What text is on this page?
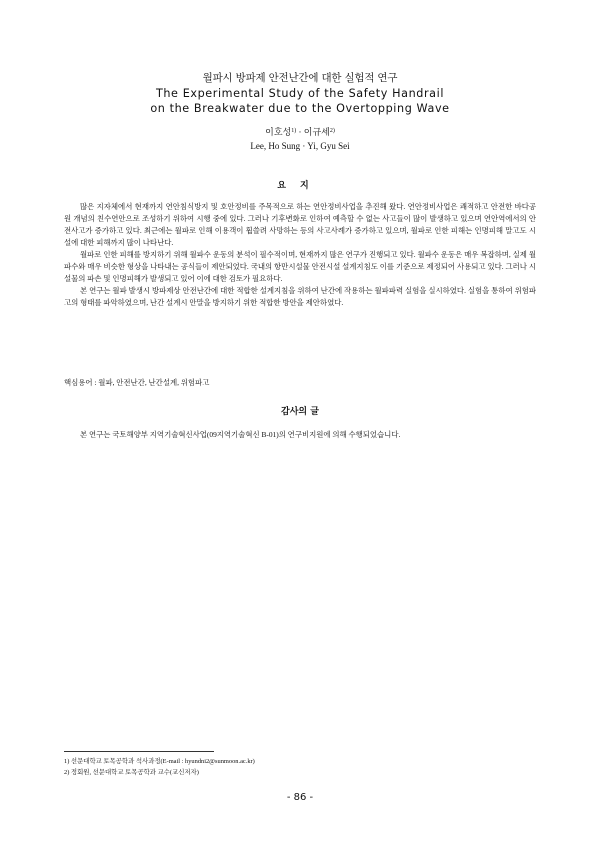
월파시 방파제 안전난간에 대한 실험적 연구
The Experimental Study of the Safety Handrail
on the Breakwater due to the Overtopping Wave
이호성$^{1)}$ · 이규세$^{2)}$
Lee, Ho Sung · Yi, Gyu Sei
요지

많은 지자체에서 현재까지 연안침식방지 및 호안정비를 주목적으로 하는 연안정비사업을 추진해 왔다. 연안정비사업은 쾌적하고 안전한 바다공원 개념의 친수연안으로 조성하기 위하여 시행 중에 있다. 그러나 기후변화로 인하여 예측할 수 없는 사고들이 많이 발생하고 있으며 연안역에서의 안전사고가 증가하고 있다. 최근에는 월파로 인해 이용객이 휩쓸려 사망하는 등의 사고사례가 증가하고 있으며, 월파로 인한 피해는 인명피해 말고도 시설에 대한 피해까지 많이 나타난다.

월파로 인한 피해를 방지하기 위해 월파수 운동의 분석이 필수적이며, 현재까지 많은 연구가 진행되고 있다. 월파수 운동은 매우 복잡하며, 실제 월파수와 매우 비슷한 형상을 나타내는 공식들이 제안되었다. 국내의 항만시설물 안전시설 설계지침도 이를 기준으로 제정되어 사용되고 있다. 그러나 시설물의 파손 및 인명피해가 발생되고 있어 이에 대한 검토가 필요하다.

본 연구는 월파 발생시 방파제상 안전난간에 대한 적합한 설계지침을 위하여 난간에 작용하는 월파파력 실험을 실시하였다. 실험을 통하여 위험파고의 형태를 파악하였으며, 난간 설계시 안말을 방지하기 위한 적합한 방안을 제안하였다.

핵심용어 : 월파, 안전난간, 난간설계, 위험파고
감사의 글
본 연구는 국토해양부 지역기술혁신사업(09지역기술혁신 B-01)의 연구비지원에 의해 수행되었습니다.
1) 선문대학교 토목공학과 석사과정(E-mail : hyundni2@sunmoon.ac.kr)
2) 정회원, 선문대학교 토목공학과 교수(교신저자)
- 86 -
